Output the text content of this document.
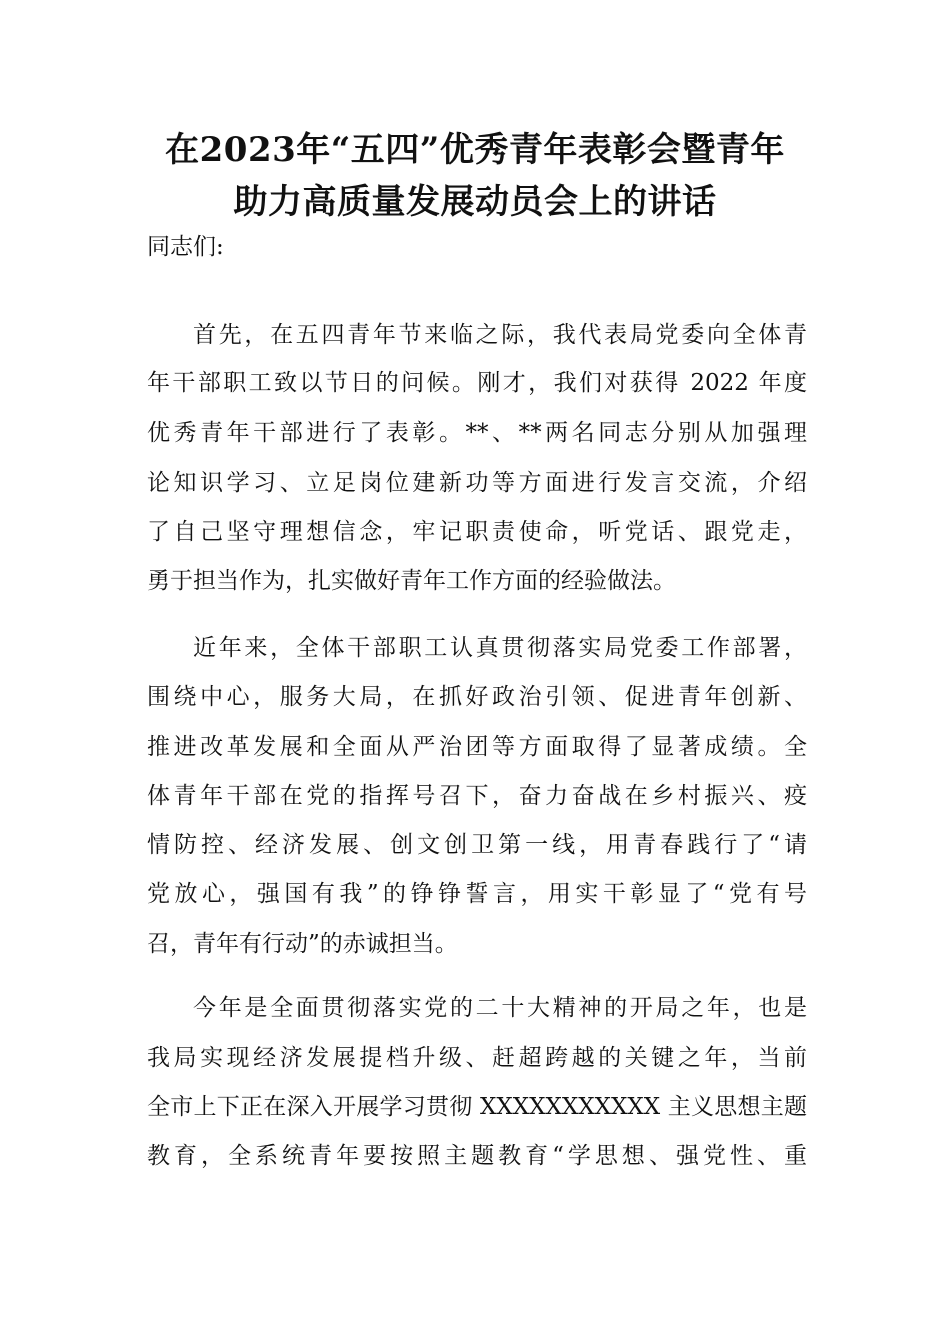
在2023年“五四”优秀青年表彰会暨青年
助力高质量发展动员会上的讲话

同志们:

首先，在五四青年节来临之际，我代表局党委向全体青

年干部职工致以节日的问候。刚才，我们对获得 2022 年度

优秀青年干部进行了表彰。**、**两名同志分别从加强理

论知识学习、立足岗位建新功等方面进行发言交流，介绍

了自己坚守理想信念，牢记职责使命，听党话、跟党走，

勇于担当作为，扎实做好青年工作方面的经验做法。

近年来，全体干部职工认真贯彻落实局党委工作部署，

围绕中心，服务大局，在抓好政治引领、促进青年创新、

推进改革发展和全面从严治团等方面取得了显著成绩。全

体青年干部在党的指挥号召下，奋力奋战在乡村振兴、疫

情防控、经济发展、创文创卫第一线，用青春践行了“请

党放心，强国有我”的铮铮誓言，用实干彰显了“党有号

召，青年有行动”的赤诚担当。

今年是全面贯彻落实党的二十大精神的开局之年，也是

我局实现经济发展提档升级、赶超跨越的关键之年，当前

全市上下正在深入开展学习贯彻 XXXXXXXXXXX 主义思想主题

教育，全系统青年要按照主题教育“学思想、强党性、重
